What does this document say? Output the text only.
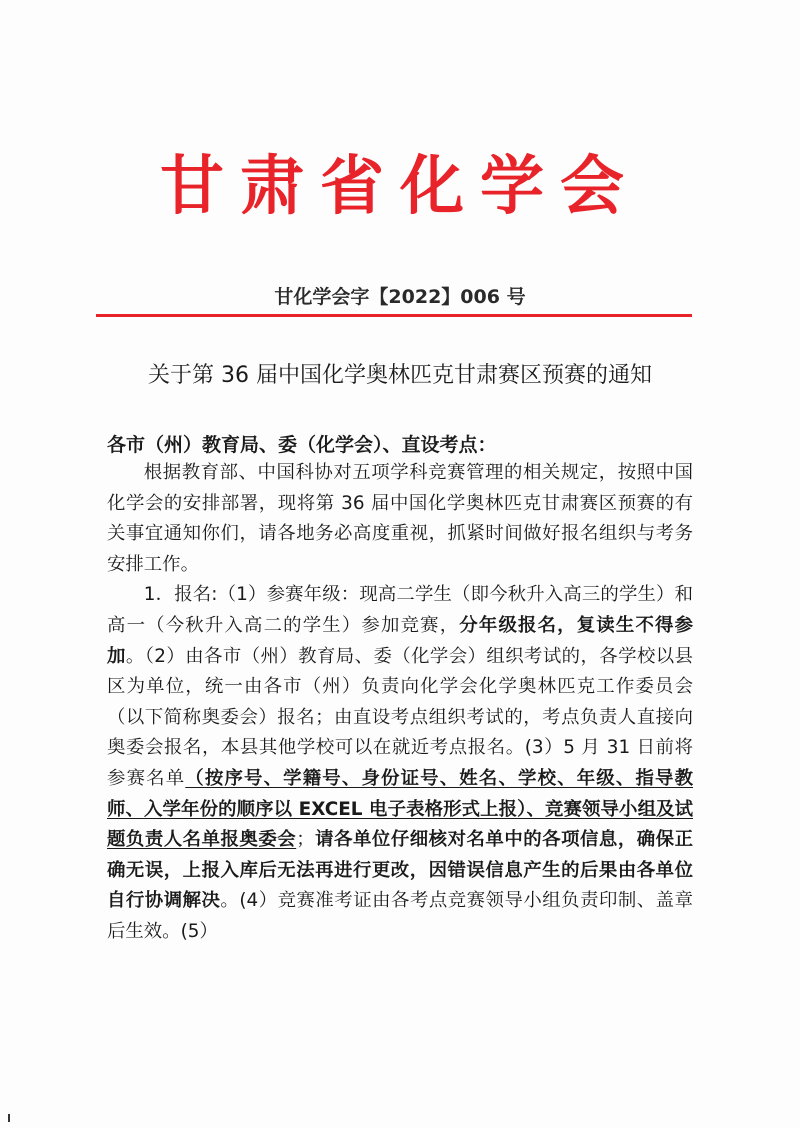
甘肃省化学会
甘化学会字【2022】006 号
关于第 36 届中国化学奥林匹克甘肃赛区预赛的通知
各市（州）教育局、委（化学会）、直设考点：

根据教育部、中国科协对五项学科竞赛管理的相关规定，按照中国化学会的安排部署，现将第 36 届中国化学奥林匹克甘肃赛区预赛的有关事宜通知你们，请各地务必高度重视，抓紧时间做好报名组织与考务安排工作。

1．报名:（1）参赛年级：现高二学生（即今秋升入高三的学生）和高一（今秋升入高二的学生）参加竞赛，分年级报名，复读生不得参加。（2）由各市（州）教育局、委（化学会）组织考试的，各学校以县区为单位，统一由各市（州）负责向化学会化学奥林匹克工作委员会（以下简称奥委会）报名；由直设考点组织考试的，考点负责人直接向奥委会报名，本县其他学校可以在就近考点报名。(3）5 月 31 日前将参赛名单（按序号、学籍号、身份证号、姓名、学校、年级、指导教师、入学年份的顺序以 EXCEL 电子表格形式上报）、竞赛领导小组及试题负责人名单报奥委会；请各单位仔细核对名单中的各项信息，确保正确无误，上报入库后无法再进行更改，因错误信息产生的后果由各单位自行协调解决。(4）竞赛准考证由各考点竞赛领导小组负责印制、盖章后生效。(5）
